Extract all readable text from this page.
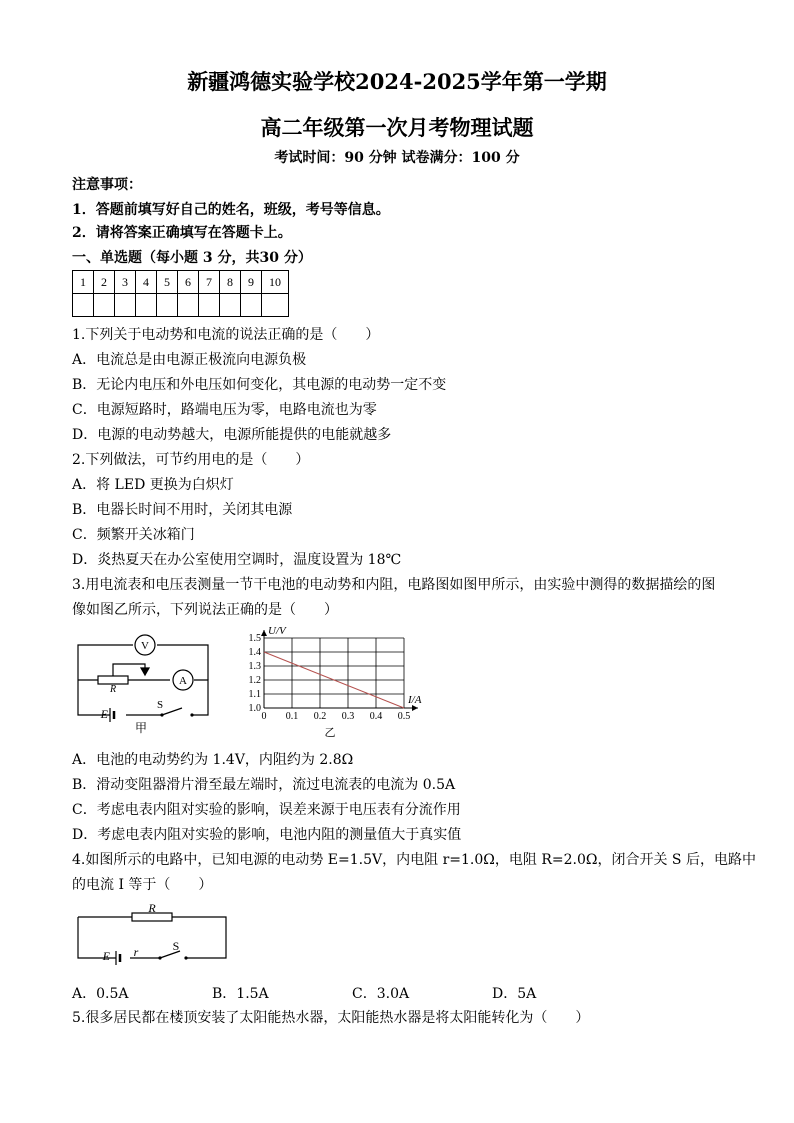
新疆鸿德实验学校2024-2025学年第一学期
高二年级第一次月考物理试题
考试时间：90 分钟 试卷满分：100 分
注意事项：
1．答题前填写好自己的姓名，班级，考号等信息。
2．请将答案正确填写在答题卡上。
一、单选题（每小题 3 分，共30 分）
1	2	3	4	5	6	7	8	9	10

1.下列关于电动势和电流的说法正确的是（　　）
A．电流总是由电源正极流向电源负极
B．无论内电压和外电压如何变化，其电源的电动势一定不变
C．电源短路时，路端电压为零，电路电流也为零
D．电源的电动势越大，电源所能提供的电能就越多
2.下列做法，可节约用电的是（　　）
A．将 LED 更换为白炽灯
B．电器长时间不用时，关闭其电源
C．频繁开关冰箱门
D．炎热夏天在办公室使用空调时，温度设置为 18℃
3.用电流表和电压表测量一节干电池的电动势和内阻，电路图如图甲所示，由实验中测得的数据描绘的图
像如图乙所示，下列说法正确的是（　　）
V
A
R
E
S
甲
0 0.1 0.2 0.3 0.4 0.5
1.0
1.1
1.2
1.3
1.4
1.5
U/V
I/A
乙
A．电池的电动势约为 1.4V，内阻约为 2.8Ω
B．滑动变阻器滑片滑至最左端时，流过电流表的电流为 0.5A
C．考虑电表内阻对实验的影响，误差来源于电压表有分流作用
D．考虑电表内阻对实验的影响，电池内阻的测量值大于真实值
4.如图所示的电路中，已知电源的电动势 E=1.5V，内电阻 r=1.0Ω，电阻 R=2.0Ω，闭合开关 S 后，电路中
的电流 I 等于（　　）
R
E r	S
A．0.5A	B．1.5A	C．3.0A	D．5A
5.很多居民都在楼顶安装了太阳能热水器，太阳能热水器是将太阳能转化为（　　）
